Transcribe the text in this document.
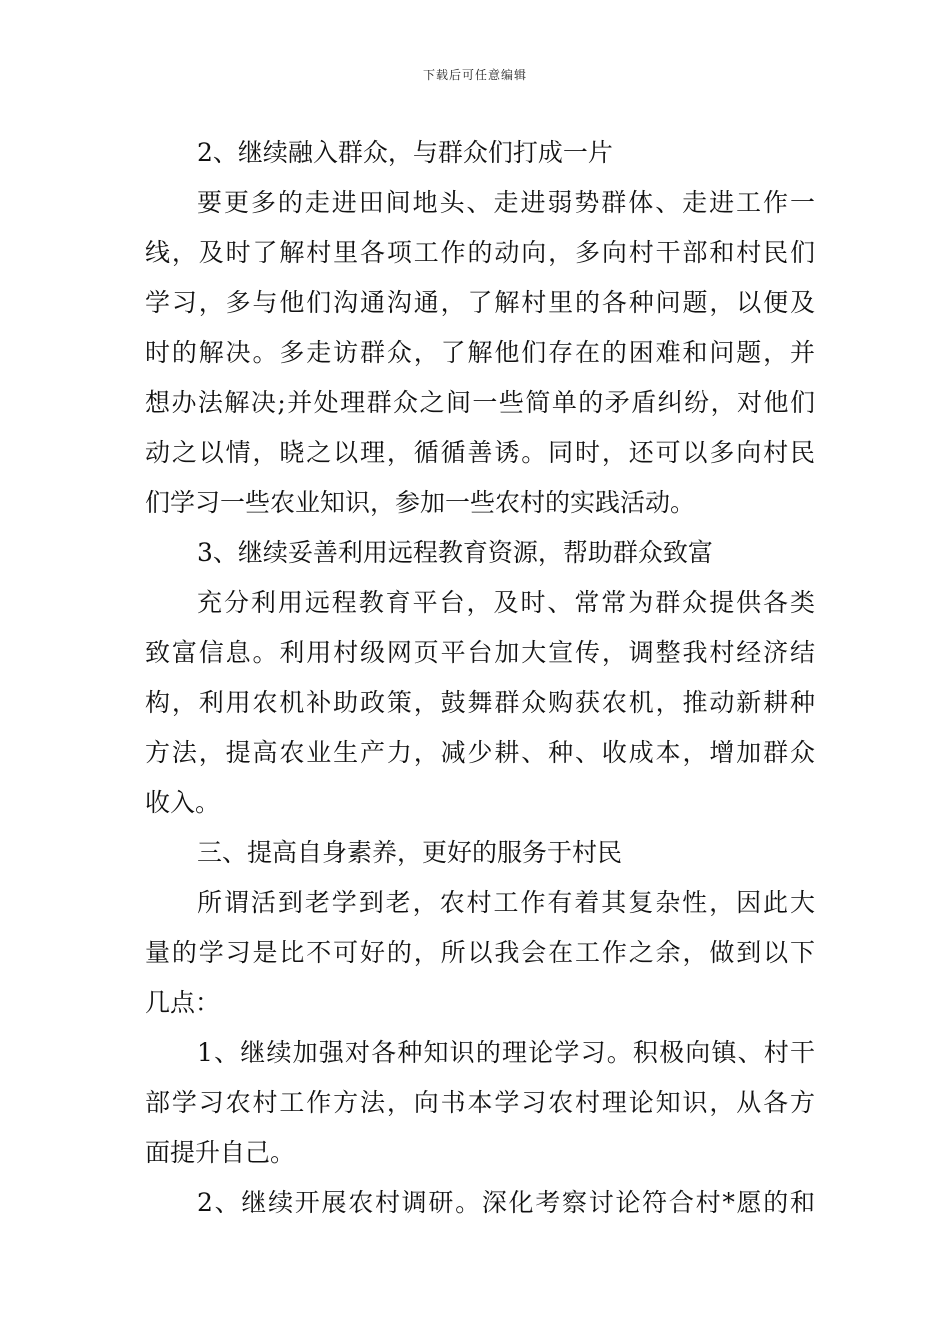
下载后可任意编辑
2、继续融入群众，与群众们打成一片
要更多的走进田间地头、走进弱势群体、走进工作一
线，及时了解村里各项工作的动向，多向村干部和村民们
学习，多与他们沟通沟通，了解村里的各种问题，以便及
时的解决。多走访群众，了解他们存在的困难和问题，并
想办法解决;并处理群众之间一些简单的矛盾纠纷，对他们
动之以情，晓之以理，循循善诱。同时，还可以多向村民
们学习一些农业知识，参加一些农村的实践活动。
3、继续妥善利用远程教育资源，帮助群众致富
充分利用远程教育平台，及时、常常为群众提供各类
致富信息。利用村级网页平台加大宣传，调整我村经济结
构，利用农机补助政策，鼓舞群众购获农机，推动新耕种
方法，提高农业生产力，减少耕、种、收成本，增加群众
收入。
三、提高自身素养，更好的服务于村民
所谓活到老学到老，农村工作有着其复杂性，因此大
量的学习是比不可好的，所以我会在工作之余，做到以下
几点：
1、继续加强对各种知识的理论学习。积极向镇、村干
部学习农村工作方法，向书本学习农村理论知识，从各方
面提升自己。
2、继续开展农村调研。深化考察讨论符合村*愿的和
